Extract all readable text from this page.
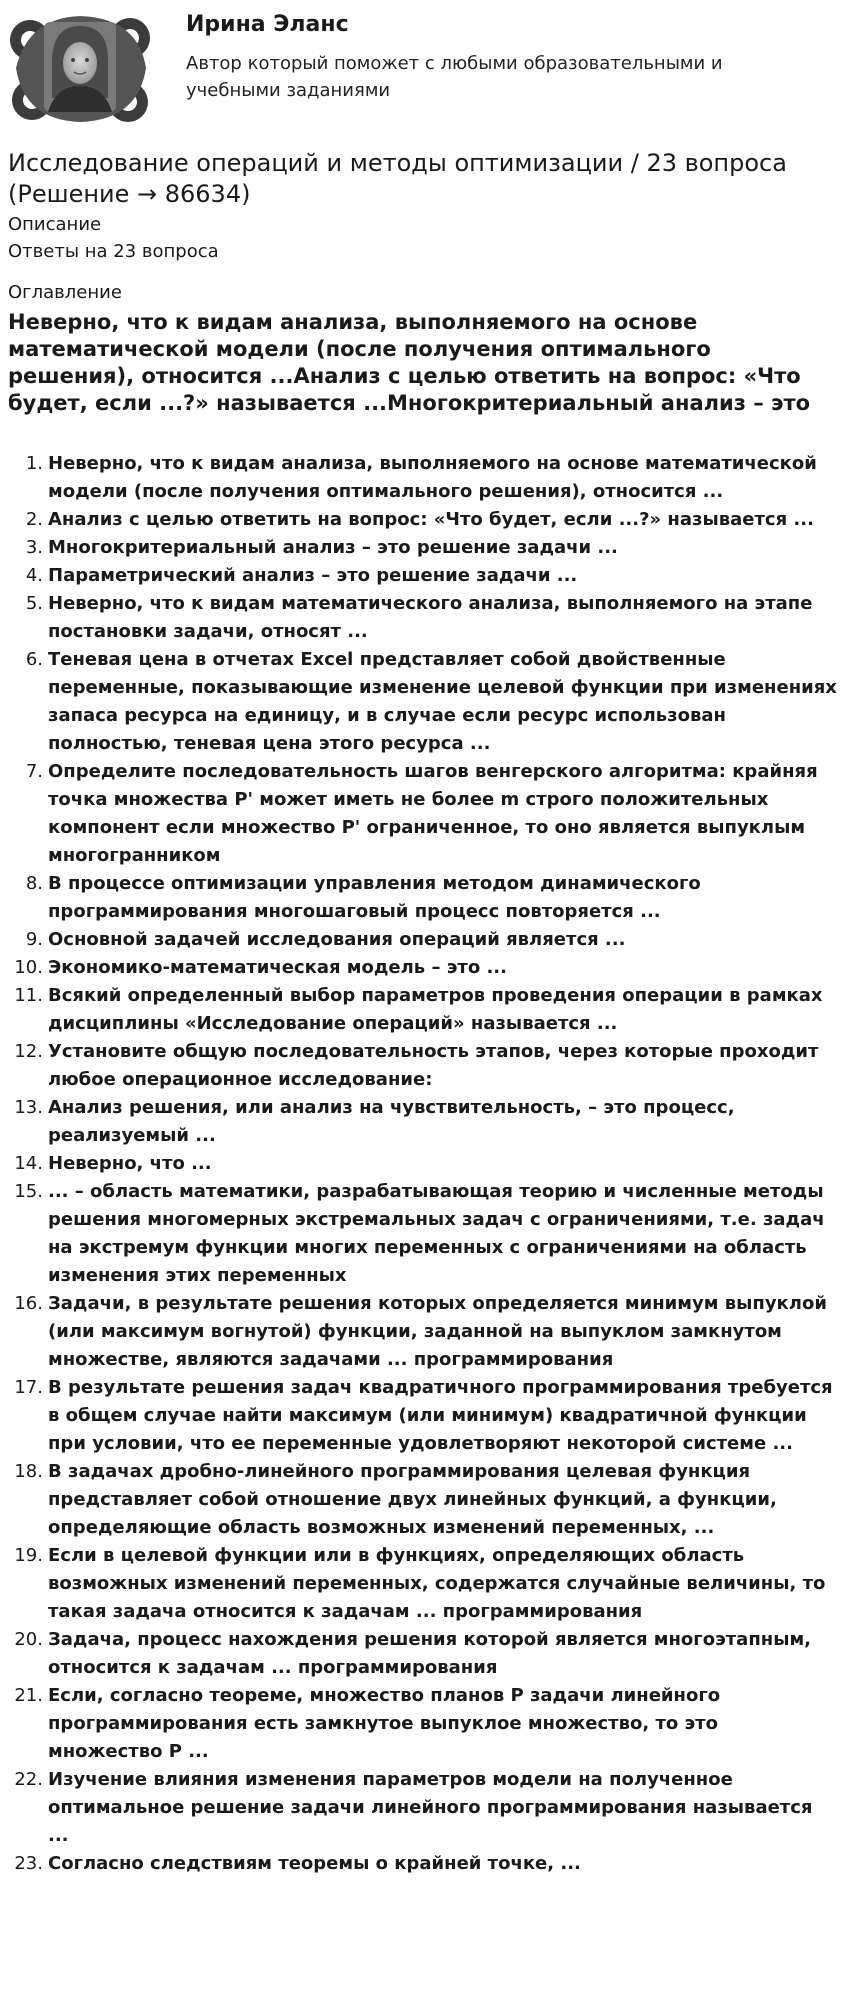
Ирина Эланс
Автор который поможет с любыми образовательными и учебными заданиями
Исследование операций и методы оптимизации / 23 вопроса (Решение → 86634)
Описание
Ответы на 23 вопроса
Оглавление
Неверно, что к видам анализа, выполняемого на основе математической модели (после получения оптимального решения), относится ...Анализ с целью ответить на вопрос: «Что будет, если ...?» называется ...Многокритериальный анализ – это
1. Неверно, что к видам анализа, выполняемого на основе математической модели (после получения оптимального решения), относится ...
2. Анализ с целью ответить на вопрос: «Что будет, если ...?» называется ...
3. Многокритериальный анализ – это решение задачи ...
4. Параметрический анализ – это решение задачи ...
5. Неверно, что к видам математического анализа, выполняемого на этапе постановки задачи, относят ...
6. Теневая цена в отчетах Excel представляет собой двойственные переменные, показывающие изменение целевой функции при изменениях запаса ресурса на единицу, и в случае если ресурс использован полностью, теневая цена этого ресурса ...
7. Определите последовательность шагов венгерского алгоритма: крайняя точка множества P' может иметь не более m строго положительных компонент если множество P' ограниченное, то оно является выпуклым многогранником
8. В процессе оптимизации управления методом динамического программирования многошаговый процесс повторяется ...
9. Основной задачей исследования операций является ...
10. Экономико-математическая модель – это ...
11. Всякий определенный выбор параметров проведения операции в рамках дисциплины «Исследование операций» называется ...
12. Установите общую последовательность этапов, через которые проходит любое операционное исследование:
13. Анализ решения, или анализ на чувствительность, – это процесс, реализуемый ...
14. Неверно, что ...
15. ... – область математики, разрабатывающая теорию и численные методы решения многомерных экстремальных задач с ограничениями, т.е. задач на экстремум функции многих переменных с ограничениями на область изменения этих переменных
16. Задачи, в результате решения которых определяется минимум выпуклой (или максимум вогнутой) функции, заданной на выпуклом замкнутом множестве, являются задачами ... программирования
17. В результате решения задач квадратичного программирования требуется в общем случае найти максимум (или минимум) квадратичной функции при условии, что ее переменные удовлетворяют некоторой системе ...
18. В задачах дробно-линейного программирования целевая функция представляет собой отношение двух линейных функций, а функции, определяющие область возможных изменений переменных, ...
19. Если в целевой функции или в функциях, определяющих область возможных изменений переменных, содержатся случайные величины, то такая задача относится к задачам ... программирования
20. Задача, процесс нахождения решения которой является многоэтапным, относится к задачам ... программирования
21. Если, согласно теореме, множество планов P задачи линейного программирования есть замкнутое выпуклое множество, то это множество P ...
22. Изучение влияния изменения параметров модели на полученное оптимальное решение задачи линейного программирования называется ...
23. Согласно следствиям теоремы о крайней точке, ...
